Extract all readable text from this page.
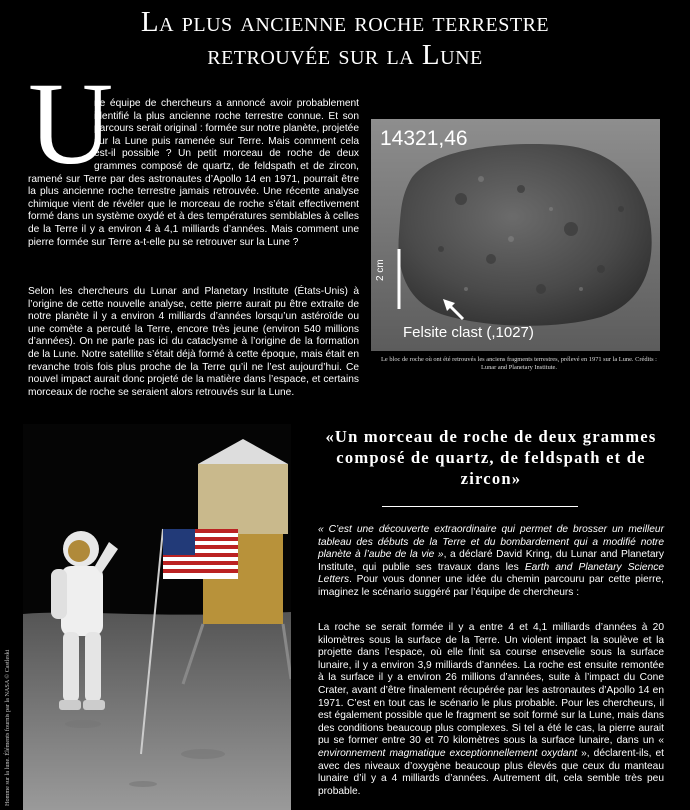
La plus ancienne roche terrestre
retrouvée sur la Lune
U
ne équipe de chercheurs a annoncé avoir probablement identifié la plus ancienne roche terrestre connue. Et son parcours serait original : formée sur notre planète, projetée sur la Lune puis ramenée sur Terre. Mais comment cela est-il possible ? Un petit morceau de roche de deux grammes composé de quartz, de feldspath et de zircon, ramené sur Terre par des astronautes d’Apollo 14 en 1971, pourrait être la plus ancienne roche terrestre jamais retrouvée. Une récente analyse chimique vient de révéler que le morceau de roche s’était effectivement formé dans un système oxydé et à des températures semblables à celles de la Terre il y a environ 4 à 4,1 milliards d’années. Mais comment une pierre formée sur Terre a-t-elle pu se retrouver sur la Lune ?
Selon les chercheurs du Lunar and Planetary Institute (États-Unis) à l’origine de cette nouvelle analyse, cette pierre aurait pu être extraite de notre planète il y a environ 4 milliards d’années lorsqu’un astéroïde ou une comète a percuté la Terre, encore très jeune (environ 540 millions d’années). On ne parle pas ici du cataclysme à l’origine de la formation de la Lune. Notre satellite s’était déjà formé à cette époque, mais était en revanche trois fois plus proche de la Terre qu’il ne l’est aujourd’hui. Ce nouvel impact aurait donc projeté de la matière dans l’espace, et certains morceaux de roche se seraient alors retrouvés sur la Lune.
14321,46
2 cm
Felsite clast (,1027)
Le bloc de roche où ont été retrouvés les anciens fragments terrestres, prélevé en 1971 sur la Lune. Crédits : Lunar and Planetary Institute.
Homme sur la lune. Éléments fournis par la NASA © Castleski
«Un morceau de roche de deux grammes composé de quartz, de feldspath et de zircon»
« C’est une découverte extraordinaire qui permet de brosser un meilleur tableau des débuts de la Terre et du bombardement qui a modifié notre planète à l’aube de la vie », a déclaré David Kring, du Lunar and Planetary Institute, qui publie ses travaux dans les Earth and Planetary Science Letters. Pour vous donner une idée du chemin parcouru par cette pierre, imaginez le scénario suggéré par l’équipe de chercheurs :
La roche se serait formée il y a entre 4 et 4,1 milliards d’années à 20 kilomètres sous la surface de la Terre. Un violent impact la soulève et la projette dans l’espace, où elle finit sa course ensevelie sous la surface lunaire, il y a environ 3,9 milliards d’années. La roche est ensuite remontée à la surface il y a environ 26 millions d’années, suite à l’impact du Cone Crater, avant d’être finalement récupérée par les astronautes d’Apollo 14 en 1971. C’est en tout cas le scénario le plus probable. Pour les chercheurs, il est également possible que le fragment se soit formé sur la Lune, mais dans des conditions beaucoup plus complexes. Si tel a été le cas, la pierre aurait pu se former entre 30 et 70 kilomètres sous la surface lunaire, dans un « environnement magmatique exceptionnellement oxydant », déclarent-ils, et avec des niveaux d’oxygène beaucoup plus élevés que ceux du manteau lunaire d’il y a 4 milliards d’années. Autrement dit, cela semble très peu probable.
